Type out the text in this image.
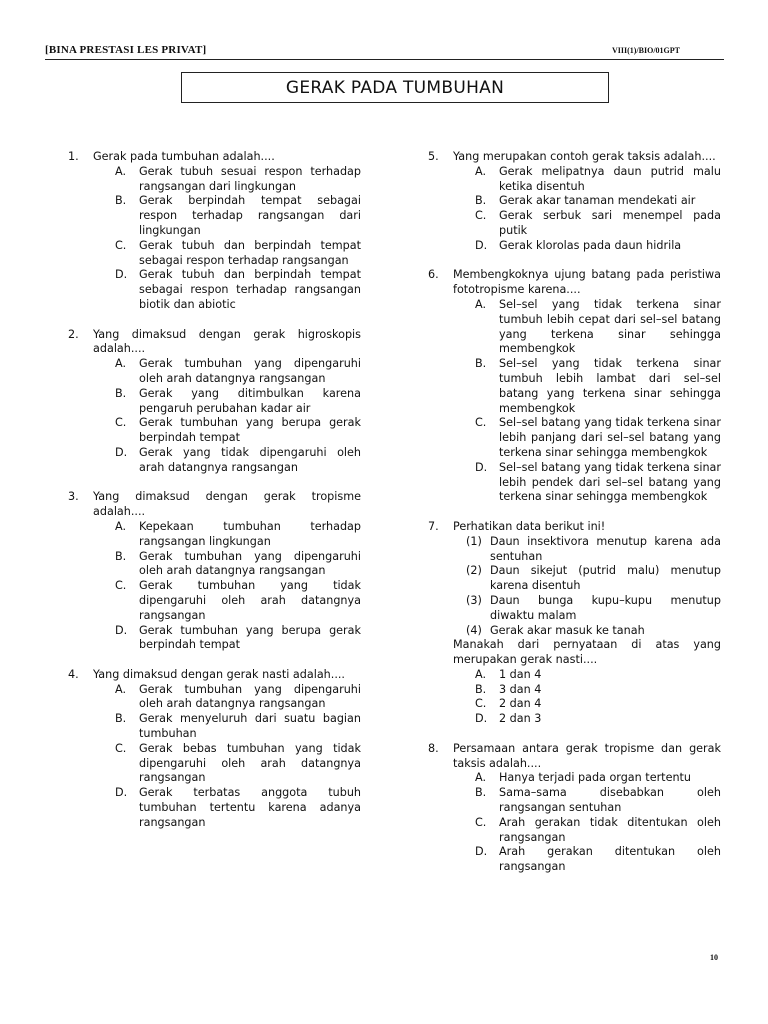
[BINA PRESTASI LES PRIVAT]	VIII(1)/BIO/01GPT
GERAK PADA TUMBUHAN
1.	Gerak pada tumbuhan adalah....
A.	Gerak tubuh sesuai respon terhadap rangsangan dari lingkungan
B.	Gerak berpindah tempat sebagai respon terhadap rangsangan dari lingkungan
C.	Gerak tubuh dan berpindah tempat sebagai respon terhadap rangsangan
D.	Gerak tubuh dan berpindah tempat sebagai respon terhadap rangsangan biotik dan abiotic
2.	Yang dimaksud dengan gerak higroskopis adalah....
A.	Gerak tumbuhan yang dipengaruhi oleh arah datangnya rangsangan
B.	Gerak yang ditimbulkan karena pengaruh perubahan kadar air
C.	Gerak tumbuhan yang berupa gerak berpindah tempat
D.	Gerak yang tidak dipengaruhi oleh arah datangnya rangsangan
3.	Yang dimaksud dengan gerak tropisme adalah....
A.	Kepekaan tumbuhan terhadap rangsangan lingkungan
B.	Gerak tumbuhan yang dipengaruhi oleh arah datangnya rangsangan
C.	Gerak tumbuhan yang tidak dipengaruhi oleh arah datangnya rangsangan
D.	Gerak tumbuhan yang berupa gerak berpindah tempat
4.	Yang dimaksud dengan gerak nasti adalah....
A.	Gerak tumbuhan yang dipengaruhi oleh arah datangnya rangsangan
B.	Gerak menyeluruh dari suatu bagian tumbuhan
C.	Gerak bebas tumbuhan yang tidak dipengaruhi oleh arah datangnya rangsangan
D.	Gerak terbatas anggota tubuh tumbuhan tertentu karena adanya rangsangan
5.	Yang merupakan contoh gerak taksis adalah....
A.	Gerak melipatnya daun putrid malu ketika disentuh
B.	Gerak akar tanaman mendekati air
C.	Gerak serbuk sari menempel pada putik
D.	Gerak klorolas pada daun hidrila
6.	Membengkoknya ujung batang pada peristiwa fototropisme karena....
A.	Sel–sel yang tidak terkena sinar tumbuh lebih cepat dari sel–sel batang yang terkena sinar sehingga membengkok
B.	Sel–sel yang tidak terkena sinar tumbuh lebih lambat dari sel–sel batang yang terkena sinar sehingga membengkok
C.	Sel–sel batang yang tidak terkena sinar lebih panjang dari sel–sel batang yang terkena sinar sehingga membengkok
D.	Sel–sel batang yang tidak terkena sinar lebih pendek dari sel–sel batang yang terkena sinar sehingga membengkok
7.	Perhatikan data berikut ini!
(1) Daun insektivora menutup karena ada sentuhan
(2) Daun sikejut (putrid malu) menutup karena disentuh
(3) Daun bunga kupu–kupu menutup diwaktu malam
(4) Gerak akar masuk ke tanah
Manakah dari pernyataan di atas yang merupakan gerak nasti....
A.	1 dan 4
B.	3 dan 4
C.	2 dan 4
D.	2 dan 3
8.	Persamaan antara gerak tropisme dan gerak taksis adalah....
A.	Hanya terjadi pada organ tertentu
B.	Sama–sama disebabkan oleh rangsangan sentuhan
C.	Arah gerakan tidak ditentukan oleh rangsangan
D.	Arah gerakan ditentukan oleh rangsangan
10
